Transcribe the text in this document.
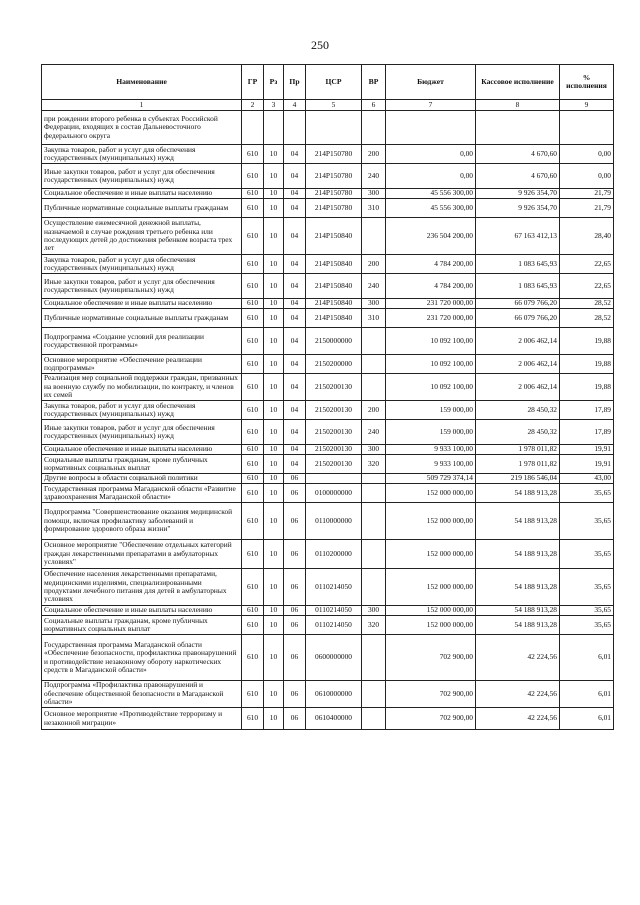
250
Наименование	ГР	Рз	Пр	ЦСР	ВР	Бюджет	Кассовое исполнение	% исполнения
1	2	3	4	5	6	7	8	9
при рождении второго ребенка в субъектах Российской Федерации, входящих в состав Дальневосточного федерального округа								
Закупка товаров, работ и услуг для обеспечения государственных (муниципальных) нужд	610	10	04	214P150780	200	0,00	4 670,60	0,00
Иные закупки товаров, работ и услуг для обеспечения государственных (муниципальных) нужд	610	10	04	214P150780	240	0,00	4 670,60	0,00
Социальное обеспечение и иные выплаты населению	610	10	04	214P150780	300	45 556 300,00	9 926 354,70	21,79
Публичные нормативные социальные выплаты гражданам	610	10	04	214P150780	310	45 556 300,00	9 926 354,70	21,79
Осуществление ежемесячной денежной выплаты, назначаемой в случае рождения третьего ребенка или последующих детей до достижения ребенком возраста трех лет	610	10	04	214P150840		236 504 200,00	67 163 412,13	28,40
Закупка товаров, работ и услуг для обеспечения государственных (муниципальных) нужд	610	10	04	214P150840	200	4 784 200,00	1 083 645,93	22,65
Иные закупки товаров, работ и услуг для обеспечения государственных (муниципальных) нужд	610	10	04	214P150840	240	4 784 200,00	1 083 645,93	22,65
Социальное обеспечение и иные выплаты населению	610	10	04	214P150840	300	231 720 000,00	66 079 766,20	28,52
Публичные нормативные социальные выплаты гражданам	610	10	04	214P150840	310	231 720 000,00	66 079 766,20	28,52
Подпрограмма «Создание условий для реализации государственной программы»	610	10	04	2150000000		10 092 100,00	2 006 462,14	19,88
Основное мероприятие «Обеспечение реализации подпрограммы»	610	10	04	2150200000		10 092 100,00	2 006 462,14	19,88
Реализация мер социальной поддержки граждан, призванных на военную службу по мобилизации, по контракту, и членов их семей	610	10	04	2150200130		10 092 100,00	2 006 462,14	19,88
Закупка товаров, работ и услуг для обеспечения государственных (муниципальных) нужд	610	10	04	2150200130	200	159 000,00	28 450,32	17,89
Иные закупки товаров, работ и услуг для обеспечения государственных (муниципальных) нужд	610	10	04	2150200130	240	159 000,00	28 450,32	17,89
Социальное обеспечение и иные выплаты населению	610	10	04	2150200130	300	9 933 100,00	1 978 011,82	19,91
Социальные выплаты гражданам, кроме публичных нормативных социальных выплат	610	10	04	2150200130	320	9 933 100,00	1 978 011,82	19,91
Другие вопросы в области социальной политики	610	10	06			509 729 374,14	219 186 546,04	43,00
Государственная программа Магаданской области «Развитие здравоохранения Магаданской области»	610	10	06	0100000000		152 000 000,00	54 188 913,28	35,65
Подпрограмма "Совершенствование оказания медицинской помощи, включая профилактику заболеваний и формирование здорового образа жизни"	610	10	06	0110000000		152 000 000,00	54 188 913,28	35,65
Основное мероприятие "Обеспечение отдельных категорий граждан лекарственными препаратами в амбулаторных условиях"	610	10	06	0110200000		152 000 000,00	54 188 913,28	35,65
Обеспечение населения лекарственными препаратами, медицинскими изделиями, специализированными продуктами лечебного питания для детей в амбулаторных условиях	610	10	06	0110214050		152 000 000,00	54 188 913,28	35,65
Социальное обеспечение и иные выплаты населению	610	10	06	0110214050	300	152 000 000,00	54 188 913,28	35,65
Социальные выплаты гражданам, кроме публичных нормативных социальных выплат	610	10	06	0110214050	320	152 000 000,00	54 188 913,28	35,65
Государственная программа Магаданской области «Обеспечение безопасности, профилактика правонарушений и противодействие незаконному обороту наркотических средств в Магаданской области»	610	10	06	0600000000		702 900,00	42 224,56	6,01
Подпрограмма «Профилактика правонарушений и обеспечение общественной безопасности в Магаданской области»	610	10	06	0610000000		702 900,00	42 224,56	6,01
Основное мероприятие «Противодействие терроризму и незаконной миграции»	610	10	06	0610400000		702 900,00	42 224,56	6,01
